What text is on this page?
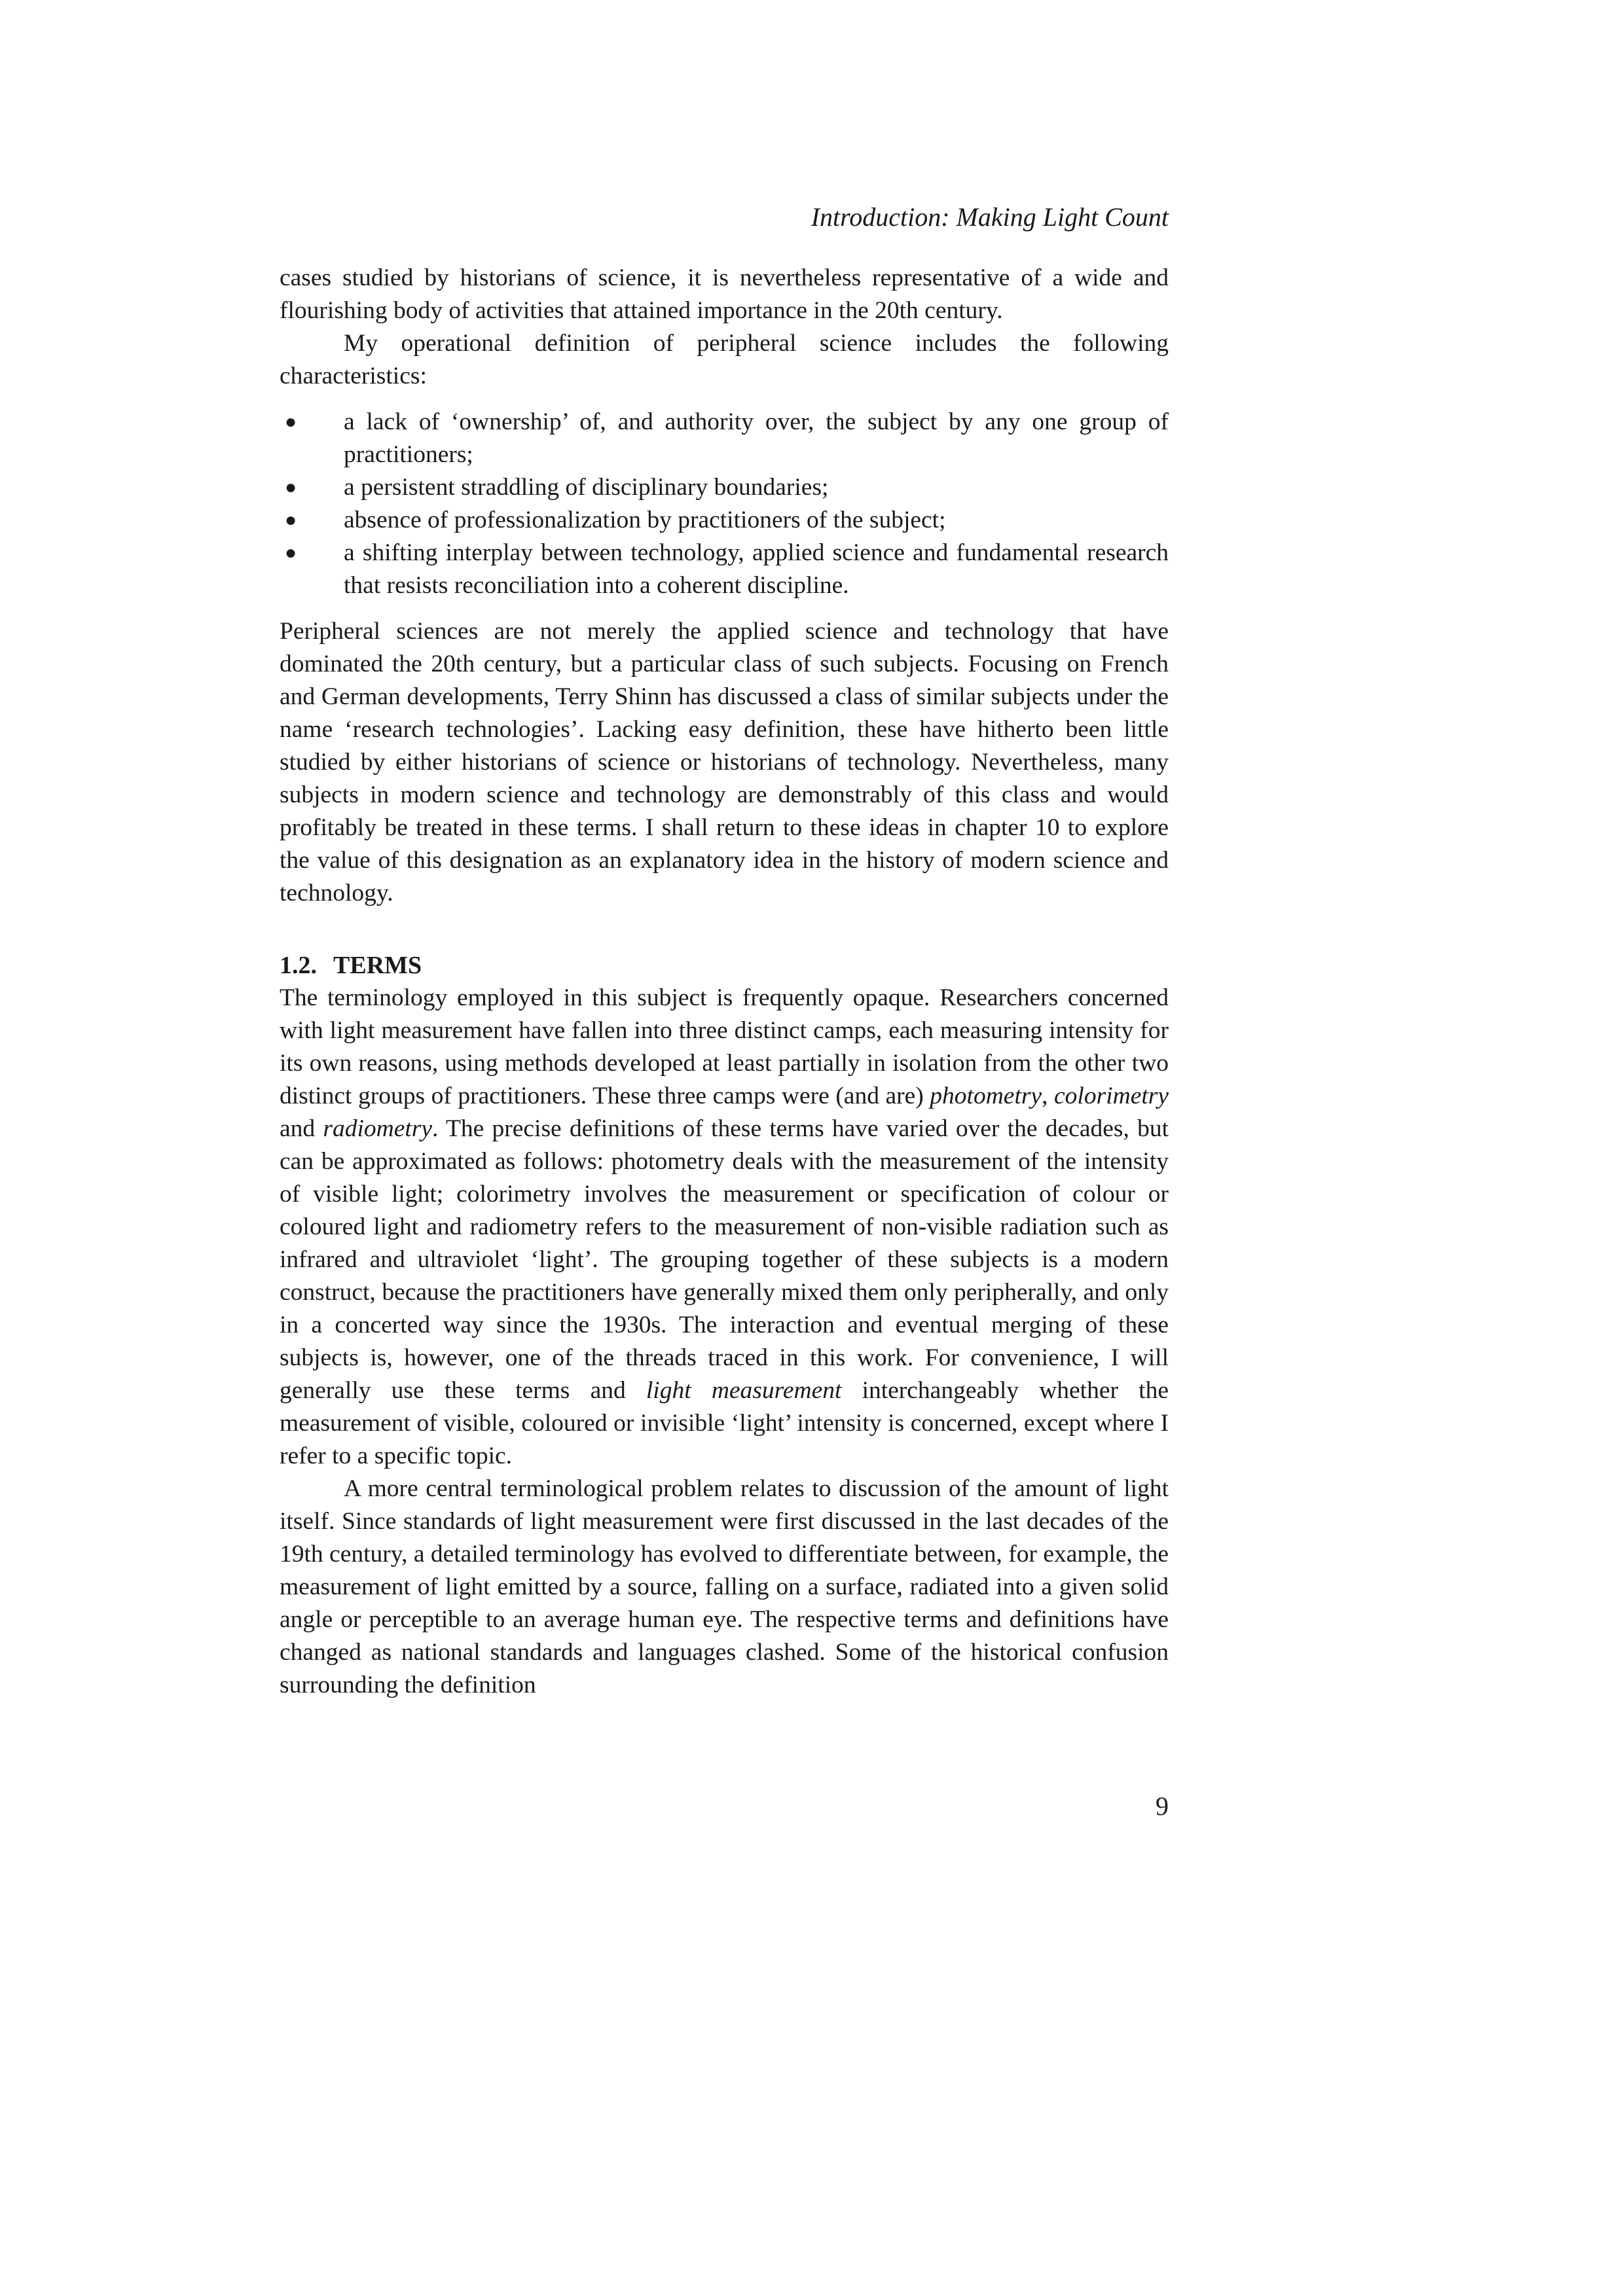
Introduction: Making Light Count

cases studied by historians of science, it is nevertheless representative of a wide and flourishing body of activities that attained importance in the 20th century.

My operational definition of peripheral science includes the following characteristics:

● a lack of ‘ownership’ of, and authority over, the subject by any one group of practitioners;
● a persistent straddling of disciplinary boundaries;
● absence of professionalization by practitioners of the subject;
● a shifting interplay between technology, applied science and fundamental research that resists reconciliation into a coherent discipline.

Peripheral sciences are not merely the applied science and technology that have dominated the 20th century, but a particular class of such subjects. Focusing on French and German developments, Terry Shinn has discussed a class of similar subjects under the name ‘research technologies’. Lacking easy definition, these have hitherto been little studied by either historians of science or historians of technology. Nevertheless, many subjects in modern science and technology are demonstrably of this class and would profitably be treated in these terms. I shall return to these ideas in chapter 10 to explore the value of this designation as an explanatory idea in the history of modern science and technology.

1.2. TERMS

The terminology employed in this subject is frequently opaque. Researchers concerned with light measurement have fallen into three distinct camps, each measuring intensity for its own reasons, using methods developed at least partially in isolation from the other two distinct groups of practitioners. These three camps were (and are) photometry, colorimetry and radiometry. The precise definitions of these terms have varied over the decades, but can be approximated as follows: photometry deals with the measurement of the intensity of visible light; colorimetry involves the measurement or specification of colour or coloured light and radiometry refers to the measurement of non-visible radiation such as infrared and ultraviolet ‘light’. The grouping together of these subjects is a modern construct, because the practitioners have generally mixed them only peripherally, and only in a concerted way since the 1930s. The interaction and eventual merging of these subjects is, however, one of the threads traced in this work. For convenience, I will generally use these terms and light measurement interchangeably whether the measurement of visible, coloured or invisible ‘light’ intensity is concerned, except where I refer to a specific topic.

A more central terminological problem relates to discussion of the amount of light itself. Since standards of light measurement were first discussed in the last decades of the 19th century, a detailed terminology has evolved to differentiate between, for example, the measurement of light emitted by a source, falling on a surface, radiated into a given solid angle or perceptible to an average human eye. The respective terms and definitions have changed as national standards and languages clashed. Some of the historical confusion surrounding the definition

9
